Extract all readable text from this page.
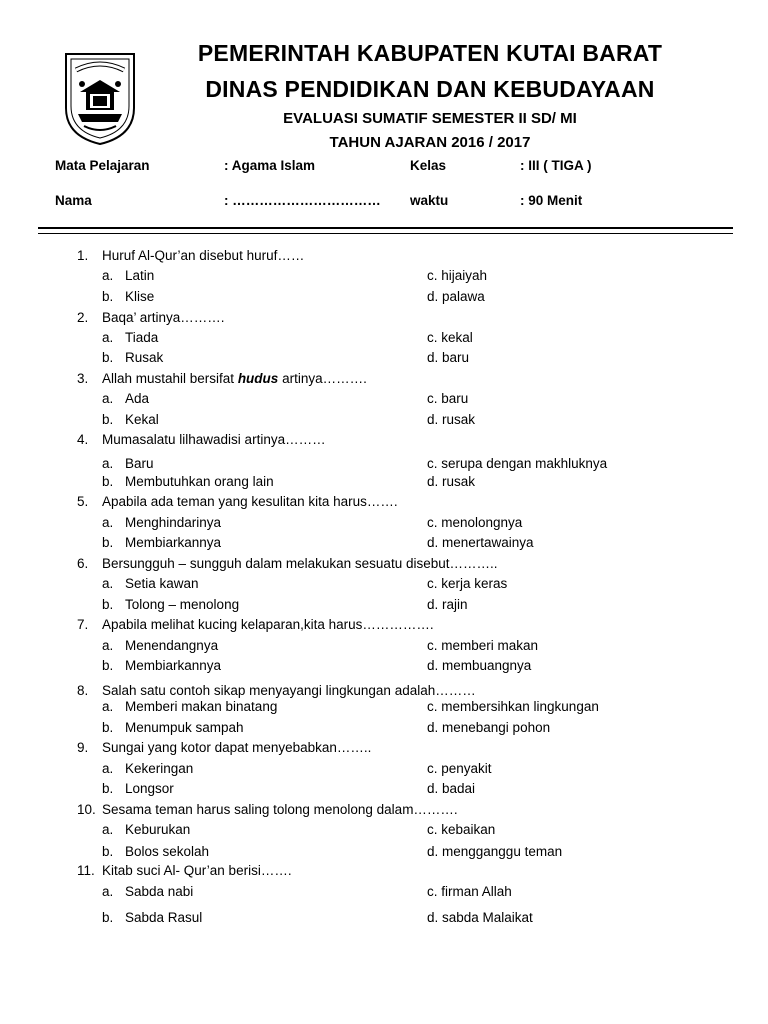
PEMERINTAH KABUPATEN KUTAI BARAT
DINAS PENDIDIKAN DAN KEBUDAYAAN
EVALUASI SUMATIF SEMESTER II SD/ MI
TAHUN AJARAN 2016 / 2017
Mata Pelajaran	: Agama Islam	Kelas	: III ( TIGA )
Nama	: …………………………… waktu	: 90 Menit
1. Huruf Al-Qur’an disebut huruf……
a. Latin	c. hijaiyah
b. Klise	d. palawa
2. Baqa’ artinya……….
a. Tiada	c. kekal
b. Rusak	d. baru
3. Allah mustahil bersifat hudus artinya……….
a. Ada	c. baru
b. Kekal	d. rusak
4. Mumasalatu lilhawadisi artinya………
a. Baru	c. serupa dengan makhluknya
b. Membutuhkan orang lain	d. rusak
5. Apabila ada teman yang kesulitan kita harus…….
a. Menghindarinya	c. menolongnya
b. Membiarkannya	d. menertawainya
6. Bersungguh – sungguh dalam melakukan sesuatu disebut………..
a. Setia kawan	c. kerja keras
b. Tolong – menolong	d. rajin
7. Apabila melihat kucing kelaparan,kita harus…………….
a. Menendangnya	c. memberi makan
b. Membiarkannya	d. membuangnya
8. Salah satu contoh sikap menyayangi lingkungan adalah………
a. Memberi makan binatang	c. membersihkan lingkungan
b. Menumpuk sampah	d. menebangi pohon
9. Sungai yang kotor dapat menyebabkan……..
a. Kekeringan	c. penyakit
b. Longsor	d. badai
10. Sesama teman harus saling tolong menolong dalam……….
a. Keburukan	c. kebaikan
b. Bolos sekolah	d. mengganggu teman
11. Kitab suci Al- Qur’an berisi…….
a. Sabda nabi	c. firman Allah
b. Sabda Rasul	d. sabda Malaikat
